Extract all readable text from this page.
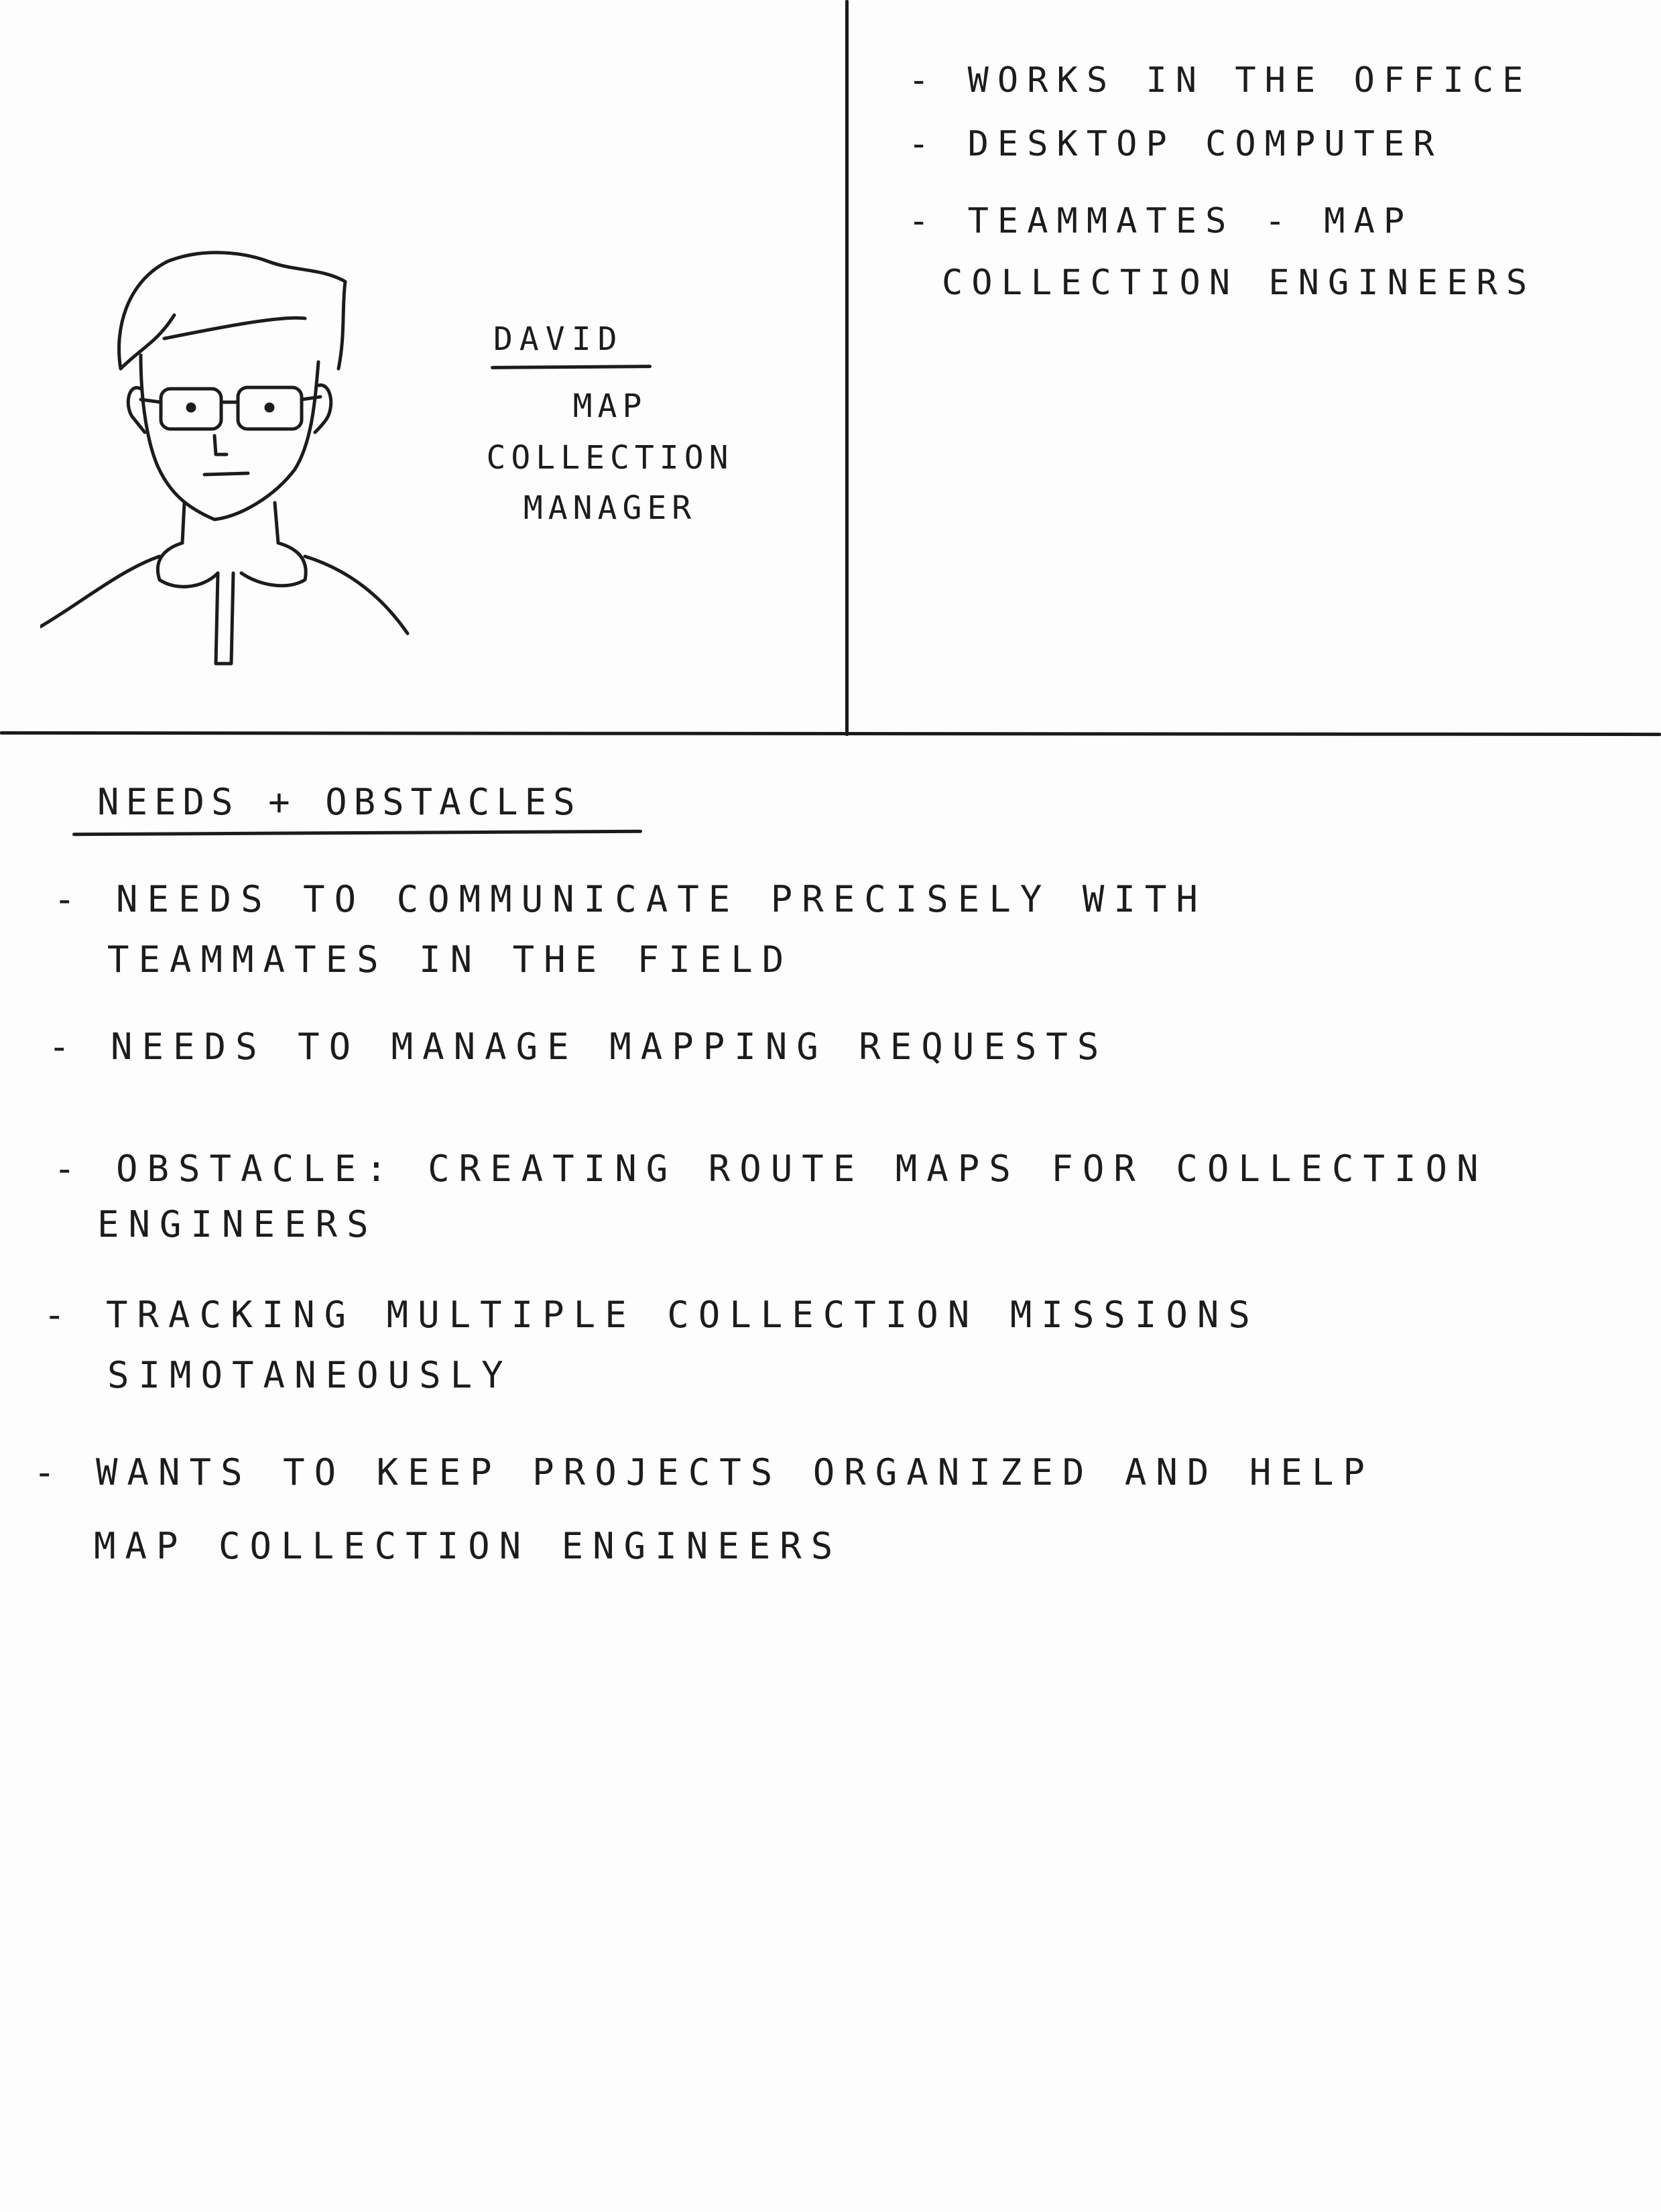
DAVID
MAP
COLLECTION
MANAGER
- WORKS IN THE OFFICE
- DESKTOP COMPUTER
- TEAMMATES - MAP
COLLECTION ENGINEERS
NEEDS + OBSTACLES
- NEEDS TO COMMUNICATE PRECISELY WITH
TEAMMATES IN THE FIELD
- NEEDS TO MANAGE MAPPING REQUESTS
- OBSTACLE: CREATING ROUTE MAPS FOR COLLECTION
ENGINEERS
- TRACKING MULTIPLE COLLECTION MISSIONS
SIMOTANEOUSLY
- WANTS TO KEEP PROJECTS ORGANIZED AND HELP
MAP COLLECTION ENGINEERS
